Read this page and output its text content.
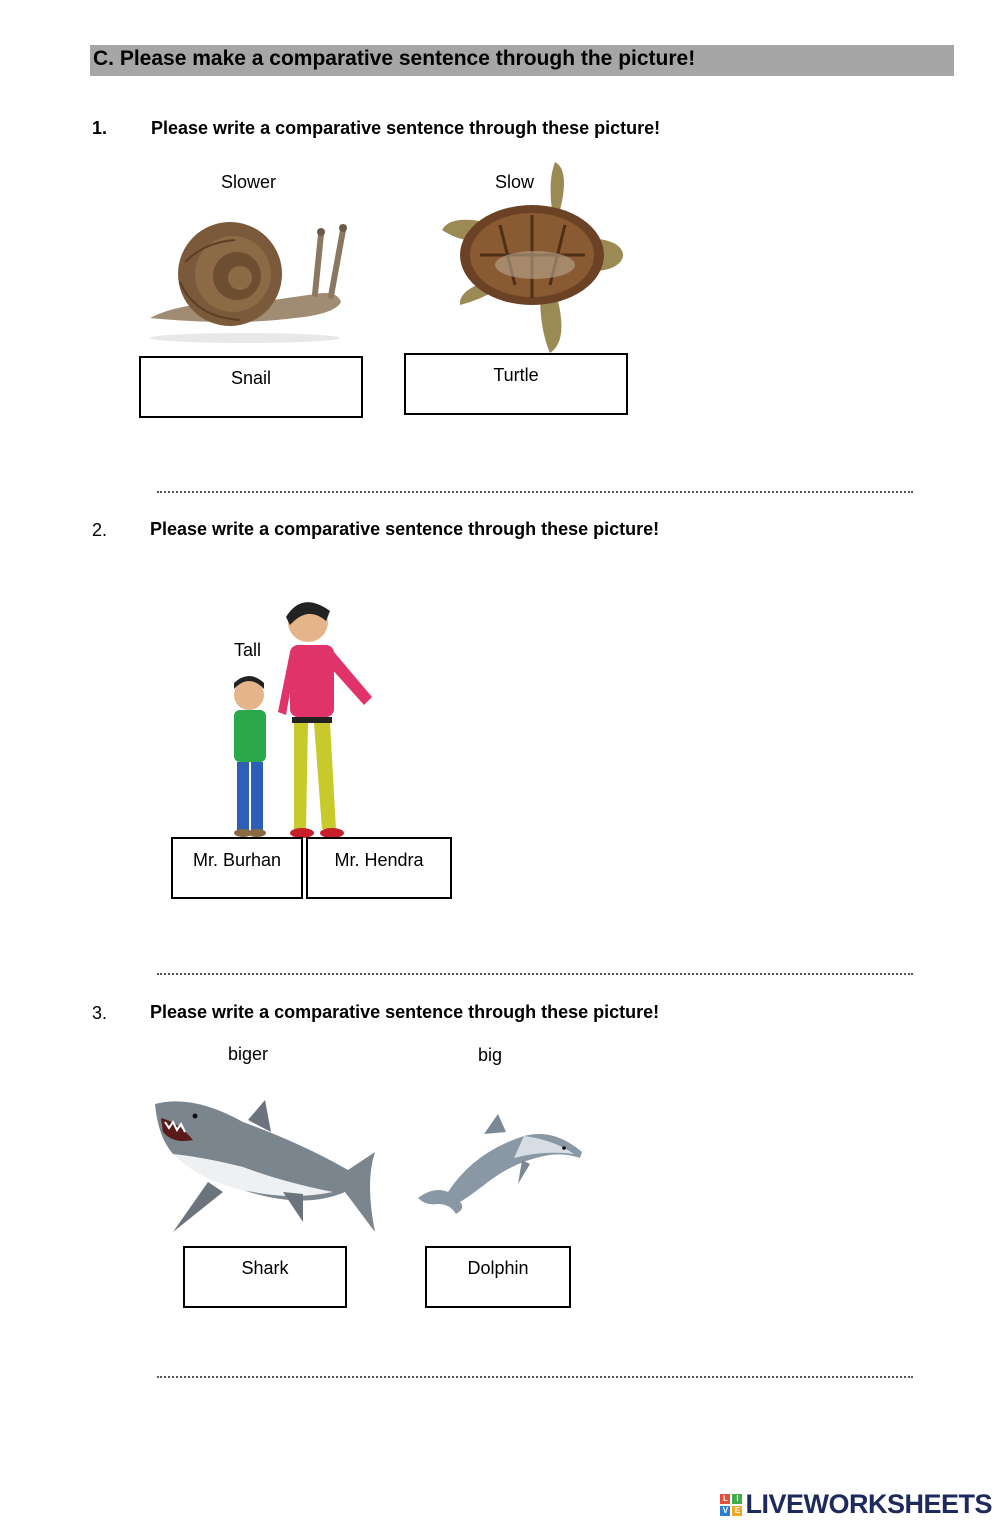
C. Please make a comparative sentence through the picture!
1. Please write a comparative sentence through these picture!
Slower	Slow
Snail	Turtle
2. Please write a comparative sentence through these picture!
Tall
Mr. Burhan	Mr. Hendra
3. Please write a comparative sentence through these picture!
biger	big
Shark	Dolphin
L	I
V E LIVEWORKSHEETS
